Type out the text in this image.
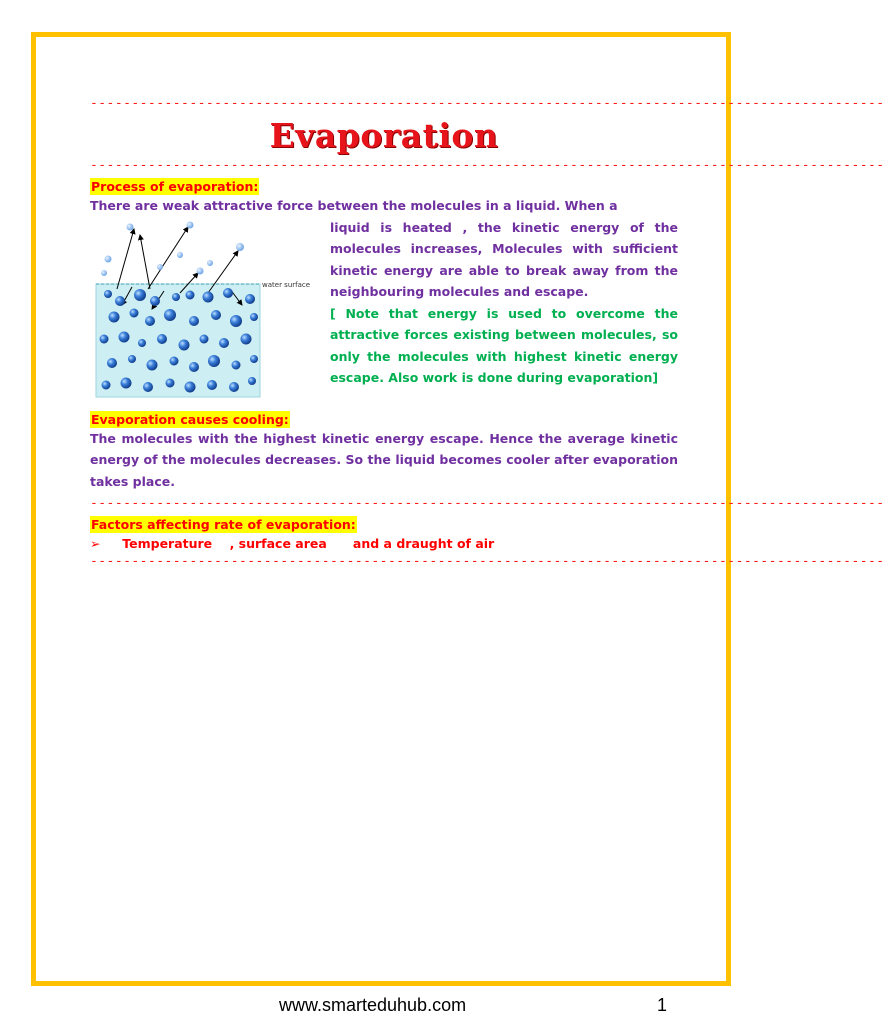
------------------------------------------------------------------------------------------------
Evaporation
------------------------------------------------------------------------------------------------
Process of evaporation:
There are weak attractive force between the molecules in a liquid. When a
water surface
liquid is heated , the kinetic energy of the molecules increases, Molecules with sufficient kinetic energy are able to break away from the neighbouring molecules and escape.
[ Note that energy is used to overcome the attractive forces existing between molecules, so only the molecules with highest kinetic energy escape. Also work is done during evaporation]
Evaporation causes cooling:
The molecules with the highest kinetic energy escape. Hence the average kinetic energy of the molecules decreases. So the liquid becomes cooler after evaporation takes place.
------------------------------------------------------------------------------------------------
Factors affecting rate of evaporation:
➢ Temperature    , surface area      and a draught of air
------------------------------------------------------------------------------------------------
www.smarteduhub.com	1
